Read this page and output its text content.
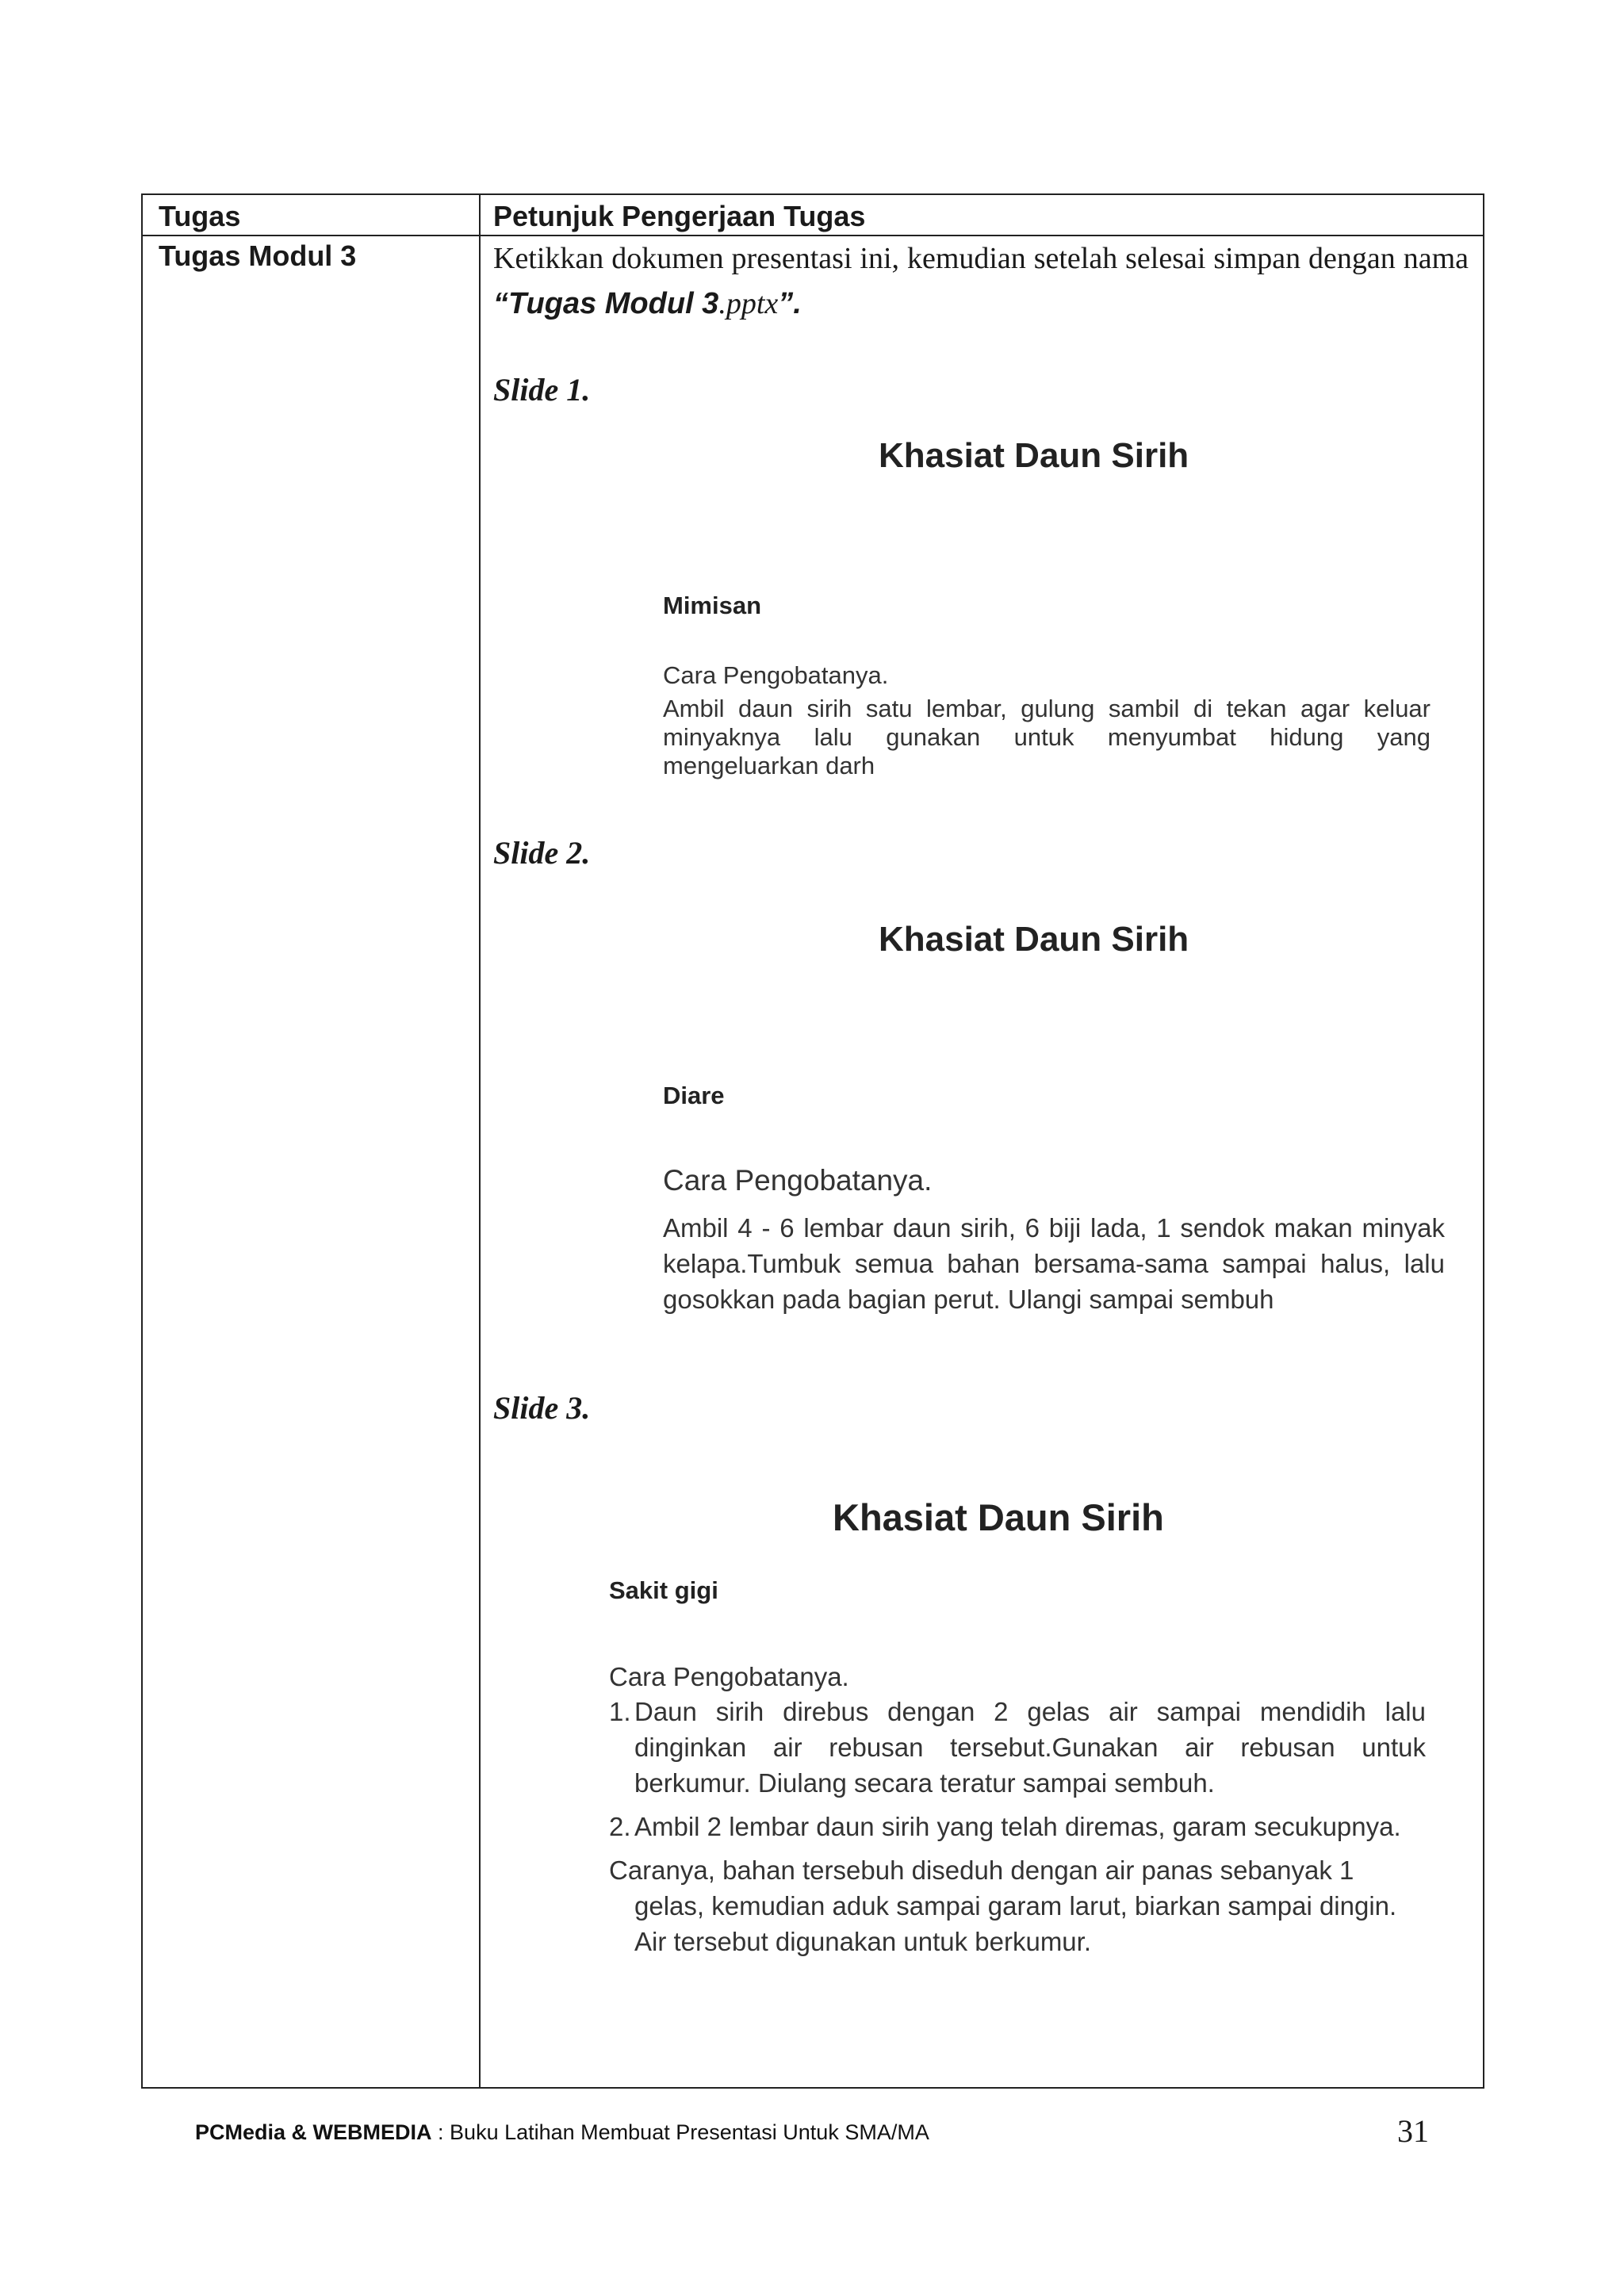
Tugas	Petunjuk Pengerjaan Tugas
Tugas Modul 3	Ketikkan dokumen presentasi ini, kemudian setelah selesai simpan dengan nama “Tugas Modul 3.pptx”.
Slide 1.
Khasiat Daun Sirih
Mimisan
Cara Pengobatanya.
Ambil daun sirih satu lembar, gulung sambil di tekan agar keluar minyaknya lalu gunakan untuk menyumbat hidung yang mengeluarkan darh
Slide 2.
Khasiat Daun Sirih
Diare
Cara Pengobatanya.
Ambil 4 - 6 lembar daun sirih, 6 biji lada, 1 sendok makan minyak kelapa.Tumbuk semua bahan bersama-sama sampai halus, lalu gosokkan pada bagian perut. Ulangi sampai sembuh
Slide 3.
Khasiat Daun Sirih
Sakit gigi
Cara Pengobatanya.
1. Daun sirih direbus dengan 2 gelas air sampai mendidih lalu dinginkan air rebusan tersebut.Gunakan air rebusan untuk berkumur. Diulang secara teratur sampai sembuh.
2. Ambil 2 lembar daun sirih yang telah diremas, garam secukupnya.
Caranya, bahan tersebuh diseduh dengan air panas sebanyak 1 gelas, kemudian aduk sampai garam larut, biarkan sampai dingin. Air tersebut digunakan untuk berkumur.
PCMedia & WEBMEDIA : Buku Latihan Membuat Presentasi Untuk SMA/MA	31
